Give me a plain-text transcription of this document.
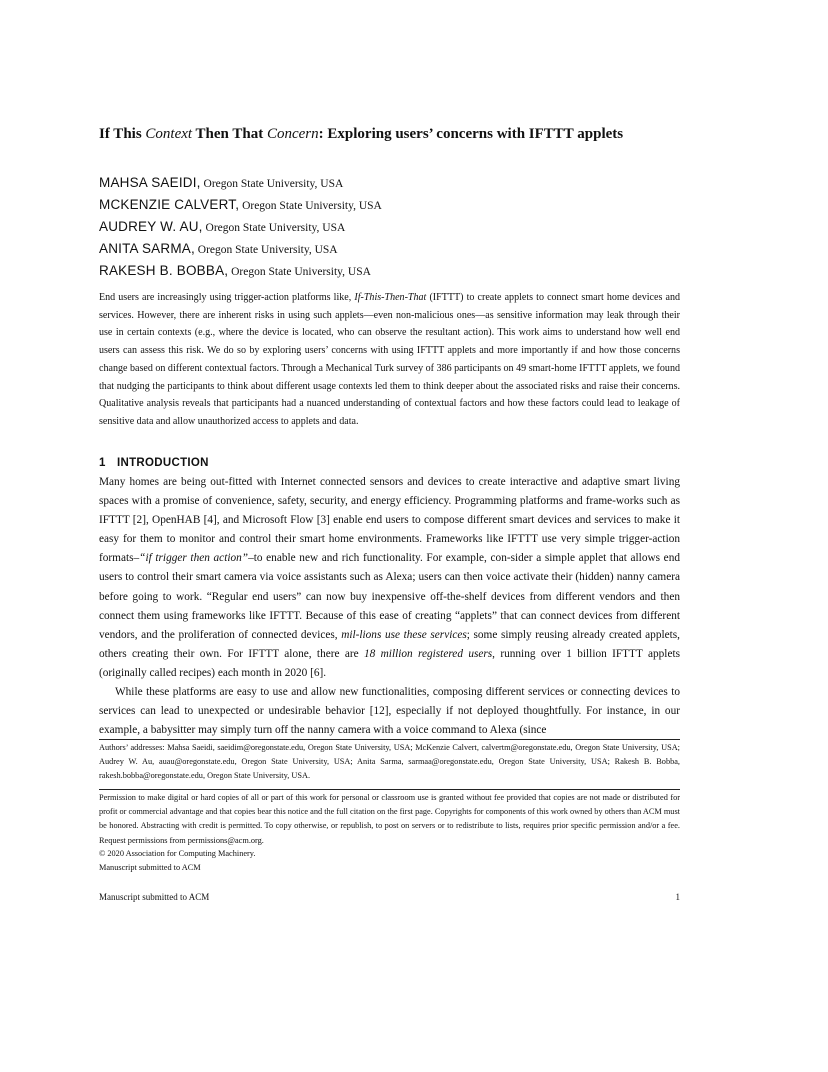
If This Context Then That Concern: Exploring users’ concerns with IFTTT applets
MAHSA SAEIDI, Oregon State University, USA
MCKENZIE CALVERT, Oregon State University, USA
AUDREY W. AU, Oregon State University, USA
ANITA SARMA, Oregon State University, USA
RAKESH B. BOBBA, Oregon State University, USA
End users are increasingly using trigger-action platforms like, If-This-Then-That (IFTTT) to create applets to connect smart home devices and services. However, there are inherent risks in using such applets—even non-malicious ones—as sensitive information may leak through their use in certain contexts (e.g., where the device is located, who can observe the resultant action). This work aims to understand how well end users can assess this risk. We do so by exploring users’ concerns with using IFTTT applets and more importantly if and how those concerns change based on different contextual factors. Through a Mechanical Turk survey of 386 participants on 49 smart-home IFTTT applets, we found that nudging the participants to think about different usage contexts led them to think deeper about the associated risks and raise their concerns. Qualitative analysis reveals that participants had a nuanced understanding of contextual factors and how these factors could lead to leakage of sensitive data and allow unauthorized access to applets and data.
1 INTRODUCTION

Many homes are being out-fitted with Internet connected sensors and devices to create interactive and adaptive smart living spaces with a promise of convenience, safety, security, and energy efficiency. Programming platforms and frame-works such as IFTTT [2], OpenHAB [4], and Microsoft Flow [3] enable end users to compose different smart devices and services to make it easy for them to monitor and control their smart home environments. Frameworks like IFTTT use very simple trigger-action formats–“if trigger then action”–to enable new and rich functionality. For example, con-sider a simple applet that allows end users to control their smart camera via voice assistants such as Alexa; users can then voice activate their (hidden) nanny camera before going to work. “Regular end users” can now buy inexpensive off-the-shelf devices from different vendors and then connect them using frameworks like IFTTT. Because of this ease of creating “applets” that can connect devices from different vendors, and the proliferation of connected devices, mil-lions use these services; some simply reusing already created applets, others creating their own. For IFTTT alone, there are 18 million registered users, running over 1 billion IFTTT applets (originally called recipes) each month in 2020 [6].

While these platforms are easy to use and allow new functionalities, composing different services or connecting devices to services can lead to unexpected or undesirable behavior [12], especially if not deployed thoughtfully. For instance, in our example, a babysitter may simply turn off the nanny camera with a voice command to Alexa (since

Authors’ addresses: Mahsa Saeidi, saeidim@oregonstate.edu, Oregon State University, USA; McKenzie Calvert, calvertm@oregonstate.edu, Oregon State University, USA; Audrey W. Au, auau@oregonstate.edu, Oregon State University, USA; Anita Sarma, sarmaa@oregonstate.edu, Oregon State University, USA; Rakesh B. Bobba, rakesh.bobba@oregonstate.edu, Oregon State University, USA.
Permission to make digital or hard copies of all or part of this work for personal or classroom use is granted without fee provided that copies are not made or distributed for profit or commercial advantage and that copies bear this notice and the full citation on the first page. Copyrights for components of this work owned by others than ACM must be honored. Abstracting with credit is permitted. To copy otherwise, or republish, to post on servers or to redistribute to lists, requires prior specific permission and/or a fee. Request permissions from permissions@acm.org.
© 2020 Association for Computing Machinery.
Manuscript submitted to ACM
Manuscript submitted to ACM	1
